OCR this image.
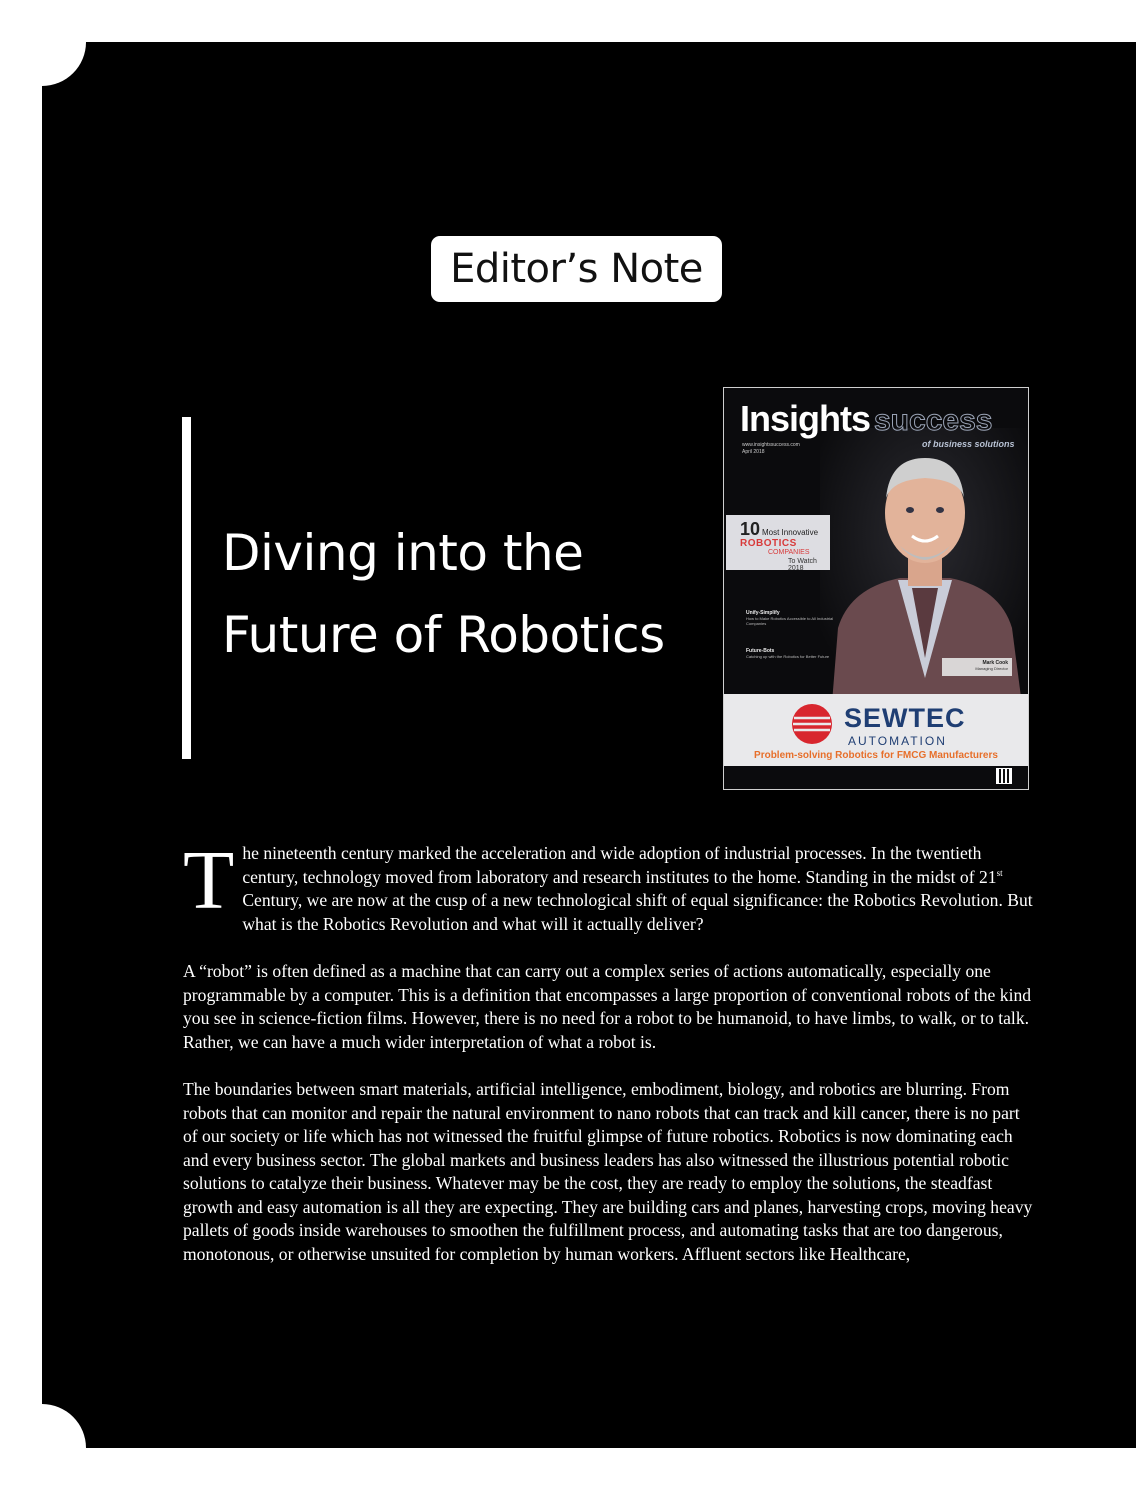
Editor’s Note
Diving into the
Future of Robotics
Insights success
of business solutions
www.insightssuccess.com
April 2018
10 Most Innovative
ROBOTICS
COMPANIES
To Watch 2018
Unify-Simplify
How to Make Robotics Accessible to All Industrial Companies
Future-Bots
Catching up with the Robotics for Better Future
Mark Cook
Managing Director
SEWTEC
AUTOMATION
Problem-solving Robotics for FMCG Manufacturers

The nineteenth century marked the acceleration and wide adoption of industrial processes. In the twentieth century, technology moved from laboratory and research institutes to the home. Standing in the midst of 21st Century, we are now at the cusp of a new technological shift of equal significance: the Robotics Revolution. But what is the Robotics Revolution and what will it actually deliver?

A “robot” is often defined as a machine that can carry out a complex series of actions automatically, especially one programmable by a computer. This is a definition that encompasses a large proportion of conventional robots of the kind you see in science-fiction films. However, there is no need for a robot to be humanoid, to have limbs, to walk, or to talk. Rather, we can have a much wider interpretation of what a robot is.

The boundaries between smart materials, artificial intelligence, embodiment, biology, and robotics are blurring. From robots that can monitor and repair the natural environment to nano robots that can track and kill cancer, there is no part of our society or life which has not witnessed the fruitful glimpse of future robotics. Robotics is now dominating each and every business sector. The global markets and business leaders has also witnessed the illustrious potential robotic solutions to catalyze their business. Whatever may be the cost, they are ready to employ the solutions, the steadfast growth and easy automation is all they are expecting. They are building cars and planes, harvesting crops, moving heavy pallets of goods inside warehouses to smoothen the fulfillment process, and automating tasks that are too dangerous, monotonous, or otherwise unsuited for completion by human workers. Affluent sectors like Healthcare,
